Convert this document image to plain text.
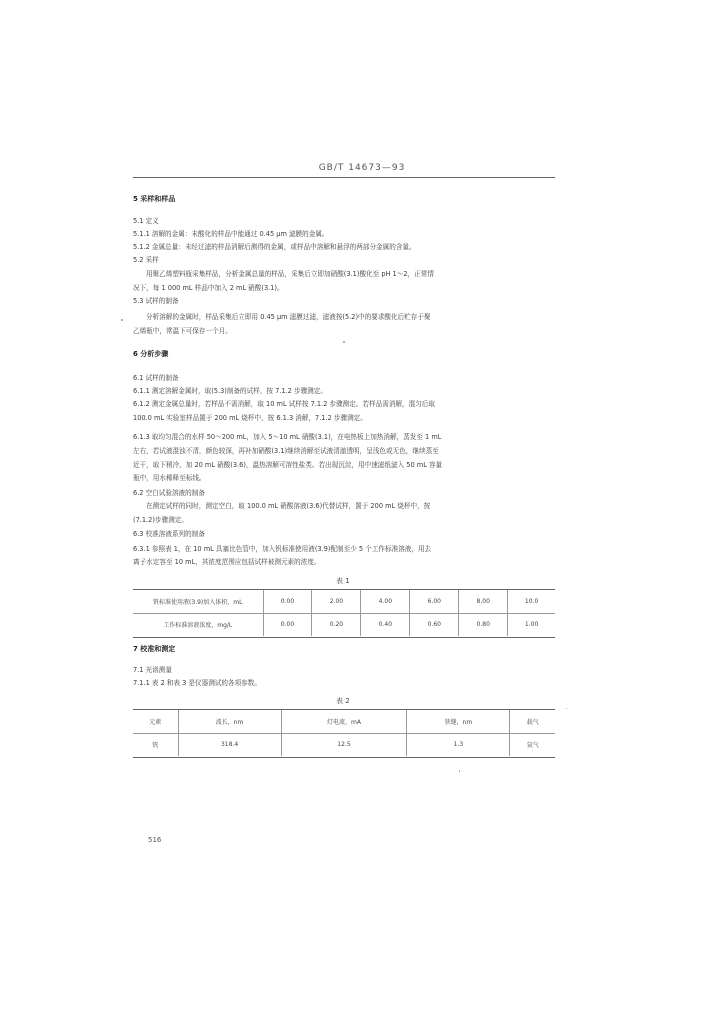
GB/T 14673—93
5 采样和样品
5.1 定义
5.1.1 溶解的金属：未酸化的样品中能通过 0.45 μm 滤膜的金属。
5.1.2 金属总量：未经过滤的样品消解后测得的金属，或样品中溶解和悬浮的两部分金属的含量。
5.2 采样
用聚乙烯塑料瓶采集样品，分析金属总量的样品，采集后立即加硝酸(3.1)酸化至 pH 1～2，正常情
况下，每 1 000 mL 样品中加入 2 mL 硝酸(3.1)。
5.3 试样的制备
分析溶解的金属时，样品采集后立即用 0.45 μm 滤膜过滤，滤液按(5.2)中的要求酸化后贮存于聚
乙烯瓶中，常温下可保存一个月。
6 分析步骤
6.1 试样的制备
6.1.1 测定溶解金属时，取(5.3)制备的试样，按 7.1.2 步骤测定。
6.1.2 测定金属总量时，若样品不需消解，取 10 mL 试样按 7.1.2 步骤测定。若样品需消解，混匀后取
100.0 mL 实验室样品置于 200 mL 烧杯中，按 6.1.3 消解，7.1.2 步骤测定。
6.1.3 取均匀混合的水样 50～200 mL，加入 5～10 mL 硝酸(3.1)，在电热板上加热消解，蒸发至 1 mL
左右，若试液混浊不清，颜色较深，再补加硝酸(3.1)继续消解至试液清澈透明，呈浅色或无色，继续蒸至
近干，取下稍冷，加 20 mL 硝酸(3.6)，温热溶解可溶性盐类。若出现沉淀，用中速滤纸滤入 50 mL 容量
瓶中，用水稀释至标线。
6.2 空白试验溶液的制备
在测定试样的同时，测定空白，取 100.0 mL 硝酸溶液(3.6)代替试样，置于 200 mL 烧杯中，按
(7.1.2)步骤测定。
6.3 校准溶液系列的制备
6.3.1 参照表 1，在 10 mL 具塞比色管中，加入钒标准使用液(3.9)配制至少 5 个工作标准溶液，用去
离子水定容至 10 mL，其浓度范围应包括试样被测元素的浓度。
表 1
钒标准使用液(3.9)加入体积，mL	0.00	2.00	4.00	6.00	8.00	10.0
工作标准溶液浓度，mg/L	0.00	0.20	0.40	0.60	0.80	1.00
7 校准和测定
7.1 光谱测量
7.1.1 表 2 和表 3 是仪器测试的各项参数。
表 2
元素	波长，nm	灯电流，mA	狭缝，nm	载气
钒	318.4	12.5	1.3	氩气
516
